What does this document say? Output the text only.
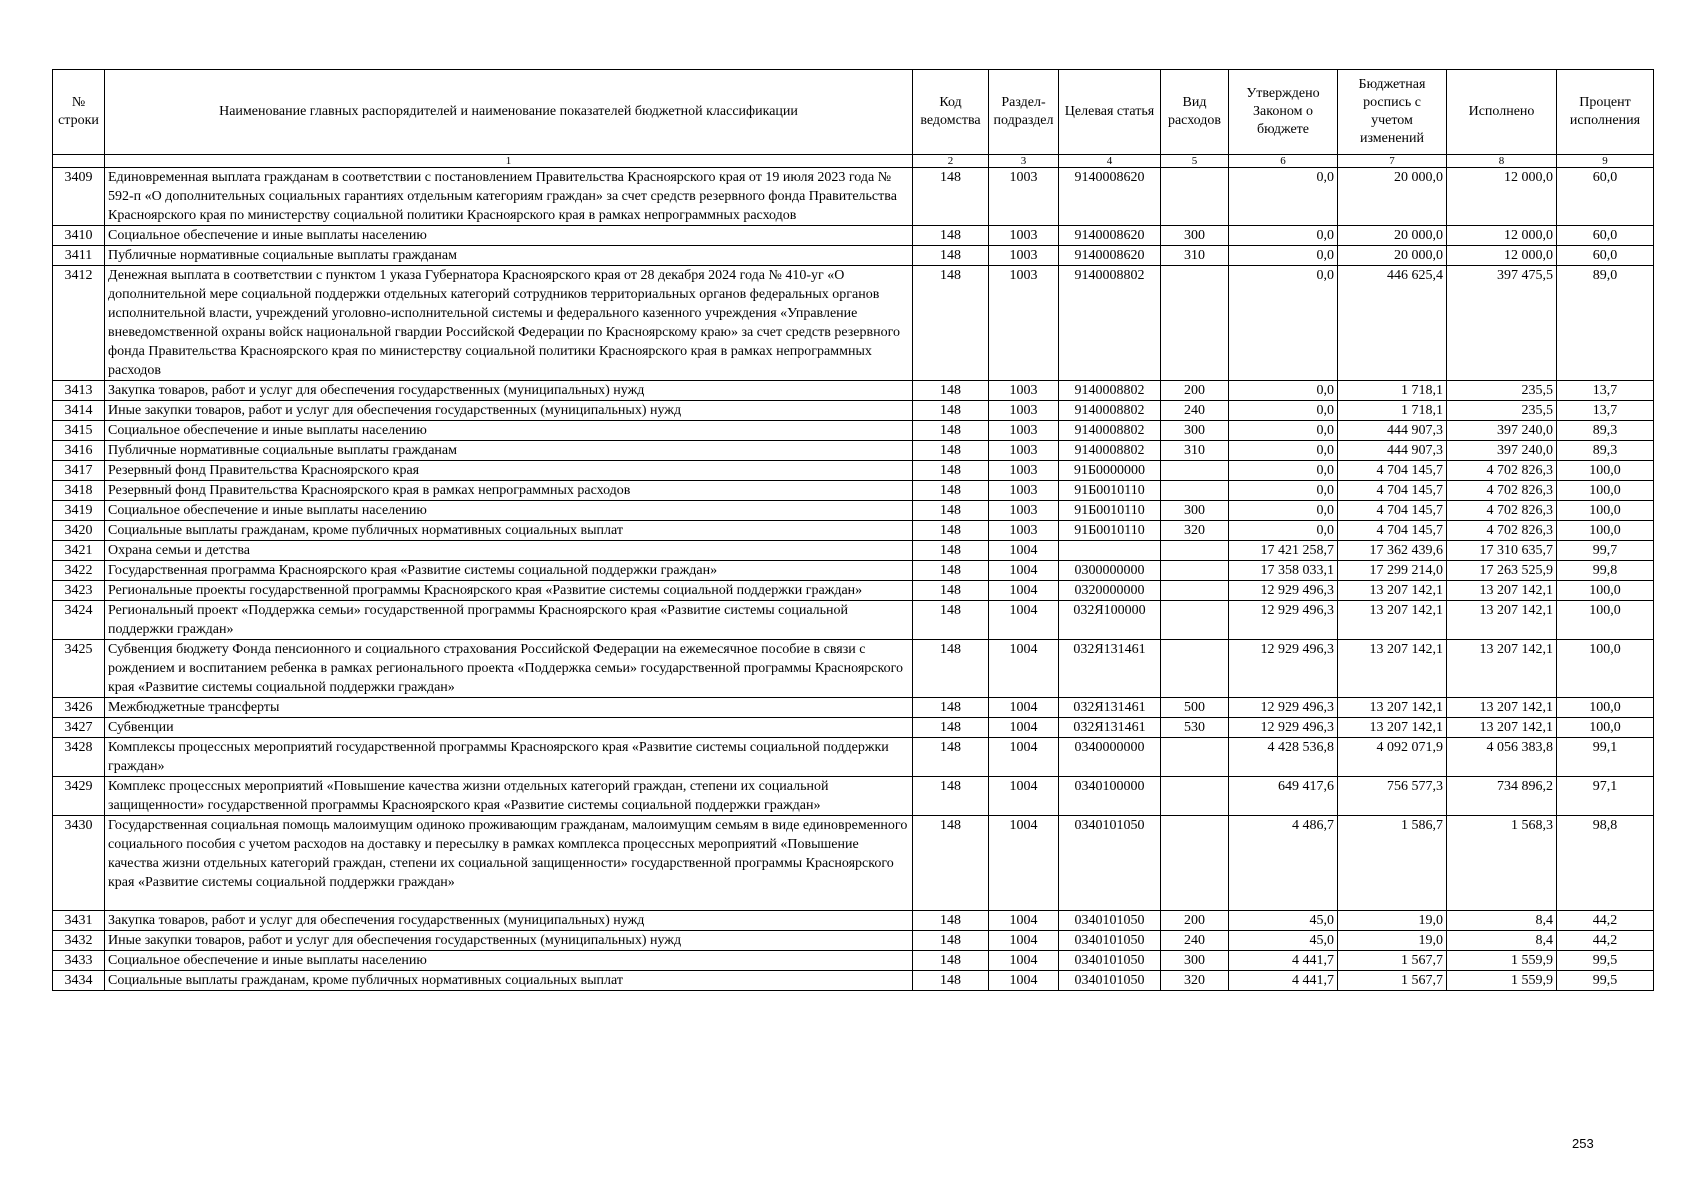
№ строки	Наименование главных распорядителей и наименование показателей бюджетной классификации	Код ведомства	Раздел-подраздел	Целевая статья	Вид расходов	Утверждено Законом о бюджете	Бюджетная роспись с учетом изменений	Исполнено	Процент исполнения
	1	2	3	4	5	6	7	8	9
3409	Единовременная выплата гражданам в соответствии с постановлением Правительства Красноярского края от 19 июля 2023 года № 592-п «О дополнительных социальных гарантиях отдельным категориям граждан» за счет средств резервного фонда Правительства Красноярского края по министерству социальной политики Красноярского края в рамках непрограммных расходов	148	1003	9140008620		0,0	20 000,0	12 000,0	60,0
3410	Социальное обеспечение и иные выплаты населению	148	1003	9140008620	300	0,0	20 000,0	12 000,0	60,0
3411	Публичные нормативные социальные выплаты гражданам	148	1003	9140008620	310	0,0	20 000,0	12 000,0	60,0
3412	Денежная выплата в соответствии с пунктом 1 указа Губернатора Красноярского края от 28 декабря 2024 года № 410-уг «О дополнительной мере социальной поддержки отдельных категорий сотрудников территориальных органов федеральных органов исполнительной власти, учреждений уголовно-исполнительной системы и федерального казенного учреждения «Управление вневедомственной охраны войск национальной гвардии Российской Федерации по Красноярскому краю» за счет средств резервного фонда Правительства Красноярского края по министерству социальной политики Красноярского края в рамках непрограммных расходов	148	1003	9140008802		0,0	446 625,4	397 475,5	89,0
3413	Закупка товаров, работ и услуг для обеспечения государственных (муниципальных) нужд	148	1003	9140008802	200	0,0	1 718,1	235,5	13,7
3414	Иные закупки товаров, работ и услуг для обеспечения государственных (муниципальных) нужд	148	1003	9140008802	240	0,0	1 718,1	235,5	13,7
3415	Социальное обеспечение и иные выплаты населению	148	1003	9140008802	300	0,0	444 907,3	397 240,0	89,3
3416	Публичные нормативные социальные выплаты гражданам	148	1003	9140008802	310	0,0	444 907,3	397 240,0	89,3
3417	Резервный фонд Правительства Красноярского края	148	1003	91Б0000000		0,0	4 704 145,7	4 702 826,3	100,0
3418	Резервный фонд Правительства Красноярского края в рамках непрограммных расходов	148	1003	91Б0010110		0,0	4 704 145,7	4 702 826,3	100,0
3419	Социальное обеспечение и иные выплаты населению	148	1003	91Б0010110	300	0,0	4 704 145,7	4 702 826,3	100,0
3420	Социальные выплаты гражданам, кроме публичных нормативных социальных выплат	148	1003	91Б0010110	320	0,0	4 704 145,7	4 702 826,3	100,0
3421	Охрана семьи и детства	148	1004			17 421 258,7	17 362 439,6	17 310 635,7	99,7
3422	Государственная программа Красноярского края «Развитие системы социальной поддержки граждан»	148	1004	0300000000		17 358 033,1	17 299 214,0	17 263 525,9	99,8
3423	Региональные проекты государственной программы Красноярского края «Развитие системы социальной поддержки граждан»	148	1004	0320000000		12 929 496,3	13 207 142,1	13 207 142,1	100,0
3424	Региональный проект «Поддержка семьи» государственной программы Красноярского края «Развитие системы социальной поддержки граждан»	148	1004	032Я100000		12 929 496,3	13 207 142,1	13 207 142,1	100,0
3425	Субвенция бюджету Фонда пенсионного и социального страхования Российской Федерации на ежемесячное пособие в связи с рождением и воспитанием ребенка в рамках регионального проекта «Поддержка семьи» государственной программы Красноярского края «Развитие системы социальной поддержки граждан»	148	1004	032Я131461		12 929 496,3	13 207 142,1	13 207 142,1	100,0
3426	Межбюджетные трансферты	148	1004	032Я131461	500	12 929 496,3	13 207 142,1	13 207 142,1	100,0
3427	Субвенции	148	1004	032Я131461	530	12 929 496,3	13 207 142,1	13 207 142,1	100,0
3428	Комплексы процессных мероприятий государственной программы Красноярского края «Развитие системы социальной поддержки граждан»	148	1004	0340000000		4 428 536,8	4 092 071,9	4 056 383,8	99,1
3429	Комплекс процессных мероприятий «Повышение качества жизни отдельных категорий граждан, степени их социальной защищенности» государственной программы Красноярского края «Развитие системы социальной поддержки граждан»	148	1004	0340100000		649 417,6	756 577,3	734 896,2	97,1
3430	Государственная социальная помощь малоимущим одиноко проживающим гражданам, малоимущим семьям в виде единовременного социального пособия с учетом расходов на доставку и пересылку в рамках комплекса процессных мероприятий «Повышение качества жизни отдельных категорий граждан, степени их социальной защищенности» государственной программы Красноярского края «Развитие системы социальной поддержки граждан»	148	1004	0340101050		4 486,7	1 586,7	1 568,3	98,8
3431	Закупка товаров, работ и услуг для обеспечения государственных (муниципальных) нужд	148	1004	0340101050	200	45,0	19,0	8,4	44,2
3432	Иные закупки товаров, работ и услуг для обеспечения государственных (муниципальных) нужд	148	1004	0340101050	240	45,0	19,0	8,4	44,2
3433	Социальное обеспечение и иные выплаты населению	148	1004	0340101050	300	4 441,7	1 567,7	1 559,9	99,5
3434	Социальные выплаты гражданам, кроме публичных нормативных социальных выплат	148	1004	0340101050	320	4 441,7	1 567,7	1 559,9	99,5
253
